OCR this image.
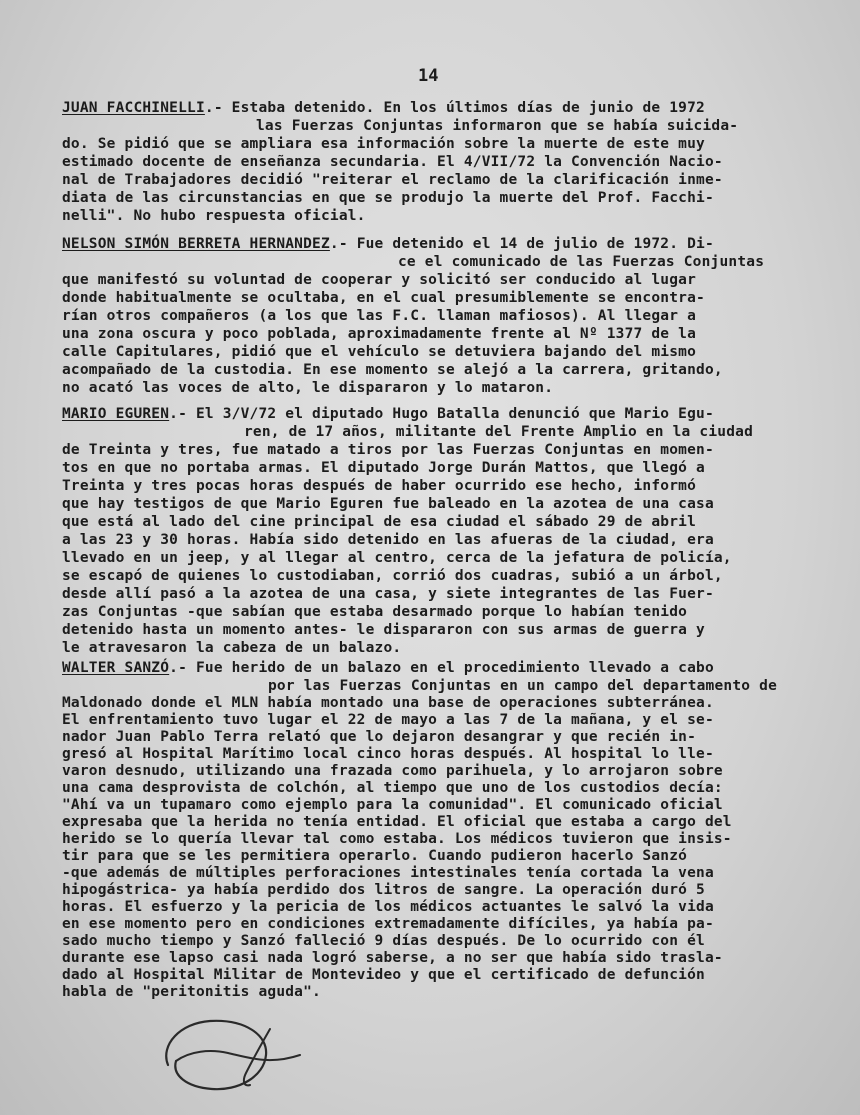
14
JUAN FACCHINELLI.- Estaba detenido. En los últimos días de junio de 1972
las Fuerzas Conjuntas informaron que se había suicida-
do. Se pidió que se ampliara esa información sobre la muerte de este muy
estimado docente de enseñanza secundaria. El 4/VII/72 la Convención Nacio-
nal de Trabajadores decidió "reiterar el reclamo de la clarificación inme-
diata de las circunstancias en que se produjo la muerte del Prof. Facchi-
nelli". No hubo respuesta oficial.
NELSON SIMÓN BERRETA HERNANDEZ.- Fue detenido el 14 de julio de 1972. Di-
ce el comunicado de las Fuerzas Conjuntas
que manifestó su voluntad de cooperar y solicitó ser conducido al lugar
donde habitualmente se ocultaba, en el cual presumiblemente se encontra-
rían otros compañeros (a los que las F.C. llaman mafiosos). Al llegar a
una zona oscura y poco poblada, aproximadamente frente al Nº 1377 de la
calle Capitulares, pidió que el vehículo se detuviera bajando del mismo
acompañado de la custodia. En ese momento se alejó a la carrera, gritando,
no acató las voces de alto, le dispararon y lo mataron.
MARIO EGUREN.- El 3/V/72 el diputado Hugo Batalla denunció que Mario Egu-
ren, de 17 años, militante del Frente Amplio en la ciudad
de Treinta y tres, fue matado a tiros por las Fuerzas Conjuntas en momen-
tos en que no portaba armas. El diputado Jorge Durán Mattos, que llegó a
Treinta y tres pocas horas después de haber ocurrido ese hecho, informó
que hay testigos de que Mario Eguren fue baleado en la azotea de una casa
que está al lado del cine principal de esa ciudad el sábado 29 de abril
a las 23 y 30 horas. Había sido detenido en las afueras de la ciudad, era
llevado en un jeep, y al llegar al centro, cerca de la jefatura de policía,
se escapó de quienes lo custodiaban, corrió dos cuadras, subió a un árbol,
desde allí pasó a la azotea de una casa, y siete integrantes de las Fuer-
zas Conjuntas -que sabían que estaba desarmado porque lo habían tenido
detenido hasta un momento antes- le dispararon con sus armas de guerra y
le atravesaron la cabeza de un balazo.
WALTER SANZÓ.- Fue herido de un balazo en el procedimiento llevado a cabo
por las Fuerzas Conjuntas en un campo del departamento de
Maldonado donde el MLN había montado una base de operaciones subterránea.
El enfrentamiento tuvo lugar el 22 de mayo a las 7 de la mañana, y el se-
nador Juan Pablo Terra relató que lo dejaron desangrar y que recién in-
gresó al Hospital Marítimo local cinco horas después. Al hospital lo lle-
varon desnudo, utilizando una frazada como parihuela, y lo arrojaron sobre
una cama desprovista de colchón, al tiempo que uno de los custodios decía:
"Ahí va un tupamaro como ejemplo para la comunidad". El comunicado oficial
expresaba que la herida no tenía entidad. El oficial que estaba a cargo del
herido se lo quería llevar tal como estaba. Los médicos tuvieron que insis-
tir para que se les permitiera operarlo. Cuando pudieron hacerlo Sanzó
-que además de múltiples perforaciones intestinales tenía cortada la vena
hipogástrica- ya había perdido dos litros de sangre. La operación duró 5
horas. El esfuerzo y la pericia de los médicos actuantes le salvó la vida
en ese momento pero en condiciones extremadamente difíciles, ya había pa-
sado mucho tiempo y Sanzó falleció 9 días después. De lo ocurrido con él
durante ese lapso casi nada logró saberse, a no ser que había sido trasla-
dado al Hospital Militar de Montevideo y que el certificado de defunción
habla de "peritonitis aguda".
